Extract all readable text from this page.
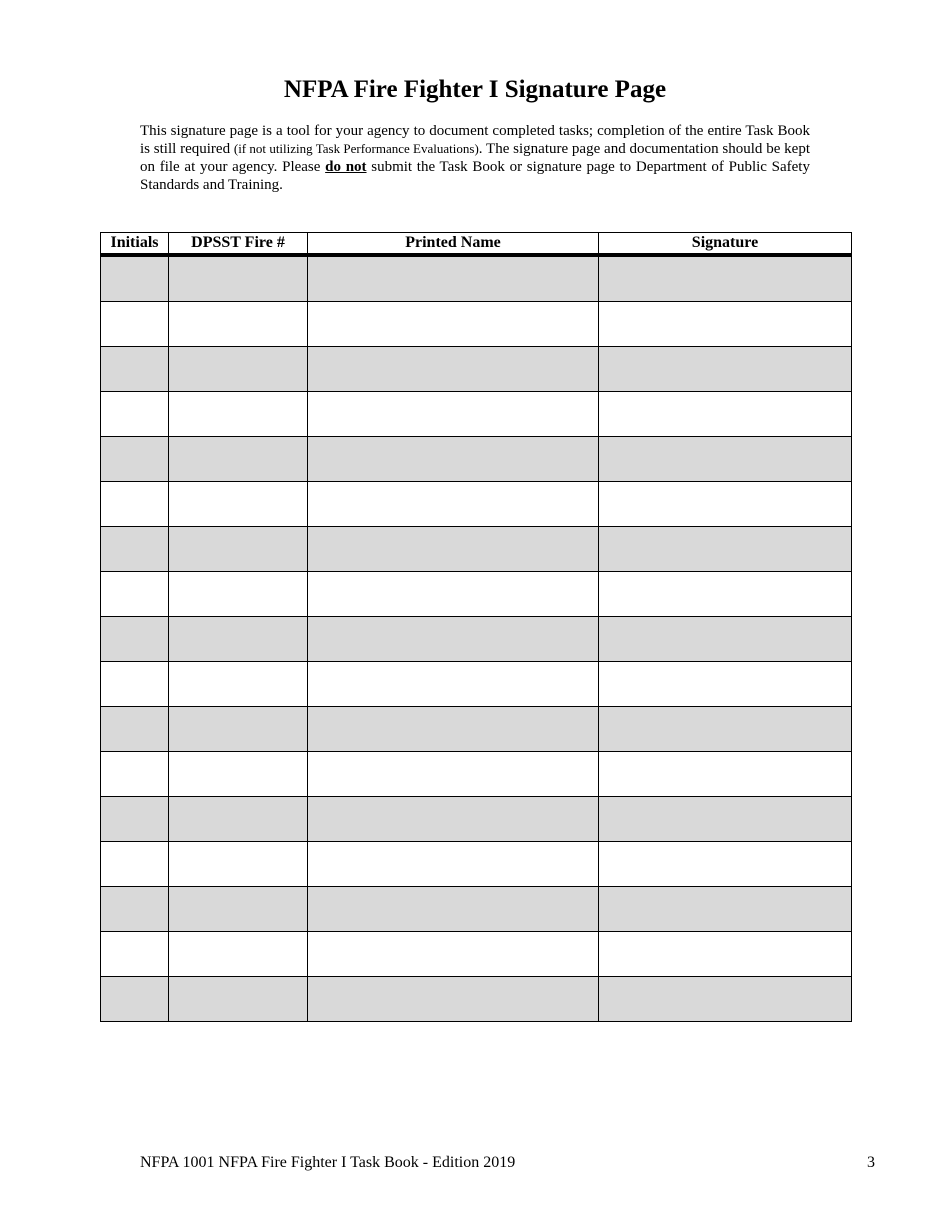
NFPA Fire Fighter I Signature Page

This signature page is a tool for your agency to document completed tasks; completion of the entire Task Book is still required (if not utilizing Task Performance Evaluations). The signature page and documentation should be kept on file at your agency. Please do not submit the Task Book or signature page to Department of Public Safety Standards and Training.

Initials	DPSST Fire #	Printed Name	Signature

NFPA 1001 NFPA Fire Fighter I Task Book - Edition 2019	3
